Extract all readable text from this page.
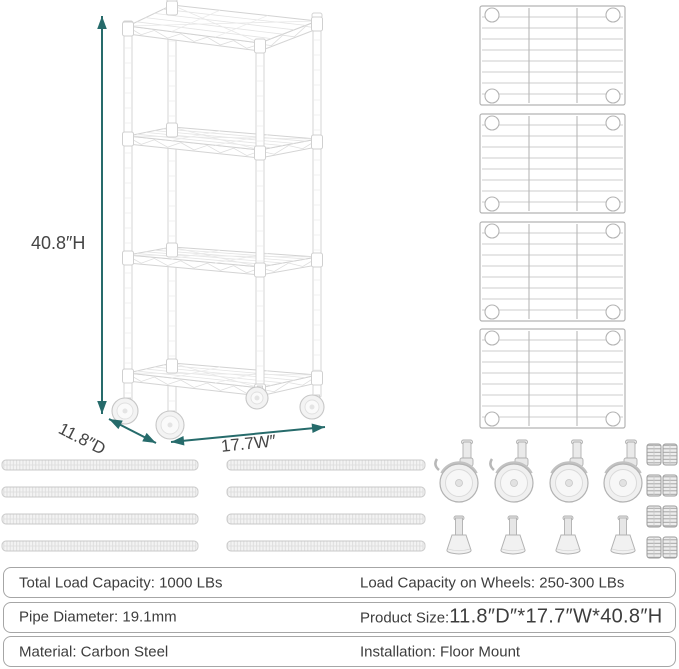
40.8″H
11.8″D	17.7W″
Total Load Capacity: 1000 LBs	Load Capacity on Wheels: 250-300 LBs
Pipe Diameter: 19.1mm	Product Size: 11.8″D″*17.7″W*40.8″H
Material: Carbon Steel	Installation: Floor Mount
